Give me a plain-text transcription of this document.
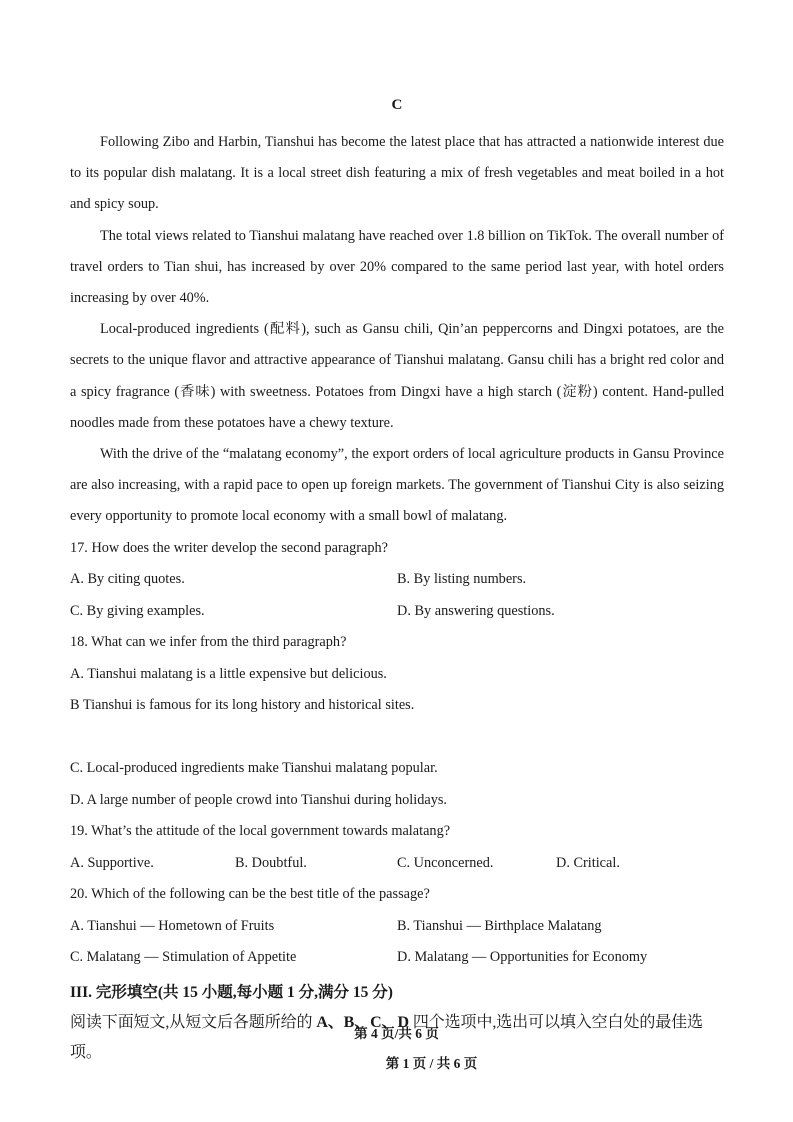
C

Following Zibo and Harbin, Tianshui has become the latest place that has attracted a nationwide interest due to its popular dish malatang. It is a local street dish featuring a mix of fresh vegetables and meat boiled in a hot and spicy soup.

The total views related to Tianshui malatang have reached over 1.8 billion on TikTok. The overall number of travel orders to Tian shui, has increased by over 20% compared to the same period last year, with hotel orders increasing by over 40%.

Local-produced ingredients (配料), such as Gansu chili, Qin’an peppercorns and Dingxi potatoes, are the secrets to the unique flavor and attractive appearance of Tianshui malatang. Gansu chili has a bright red color and a spicy fragrance (香味) with sweetness. Potatoes from Dingxi have a high starch (淀粉) content. Hand-pulled noodles made from these potatoes have a chewy texture.

With the drive of the “malatang economy”, the export orders of local agriculture products in Gansu Province are also increasing, with a rapid pace to open up foreign markets. The government of Tianshui City is also seizing every opportunity to promote local economy with a small bowl of malatang.

17. How does the writer develop the second paragraph?

A. By citing quotes.	B. By listing numbers.
C. By giving examples.	D. By answering questions.

18. What can we infer from the third paragraph?

A. Tianshui malatang is a little expensive but delicious.

B Tianshui is famous for its long history and historical sites.

C. Local-produced ingredients make Tianshui malatang popular.

D. A large number of people crowd into Tianshui during holidays.

19. What’s the attitude of the local government towards malatang?

A. Supportive.	B. Doubtful.	C. Unconcerned.	D. Critical.

20. Which of the following can be the best title of the passage?

A. Tianshui — Hometown of Fruits	B. Tianshui — Birthplace Malatang
C. Malatang — Stimulation of Appetite	D. Malatang — Opportunities for Economy

III. 完形填空(共 15 小题,每小题 1 分,满分 15 分)

阅读下面短文,从短文后各题所给的 A、B、C、D 四个选项中,选出可以填入空白处的最佳选项。

第 4 页/共 6 页
第 1 页 / 共 6 页
